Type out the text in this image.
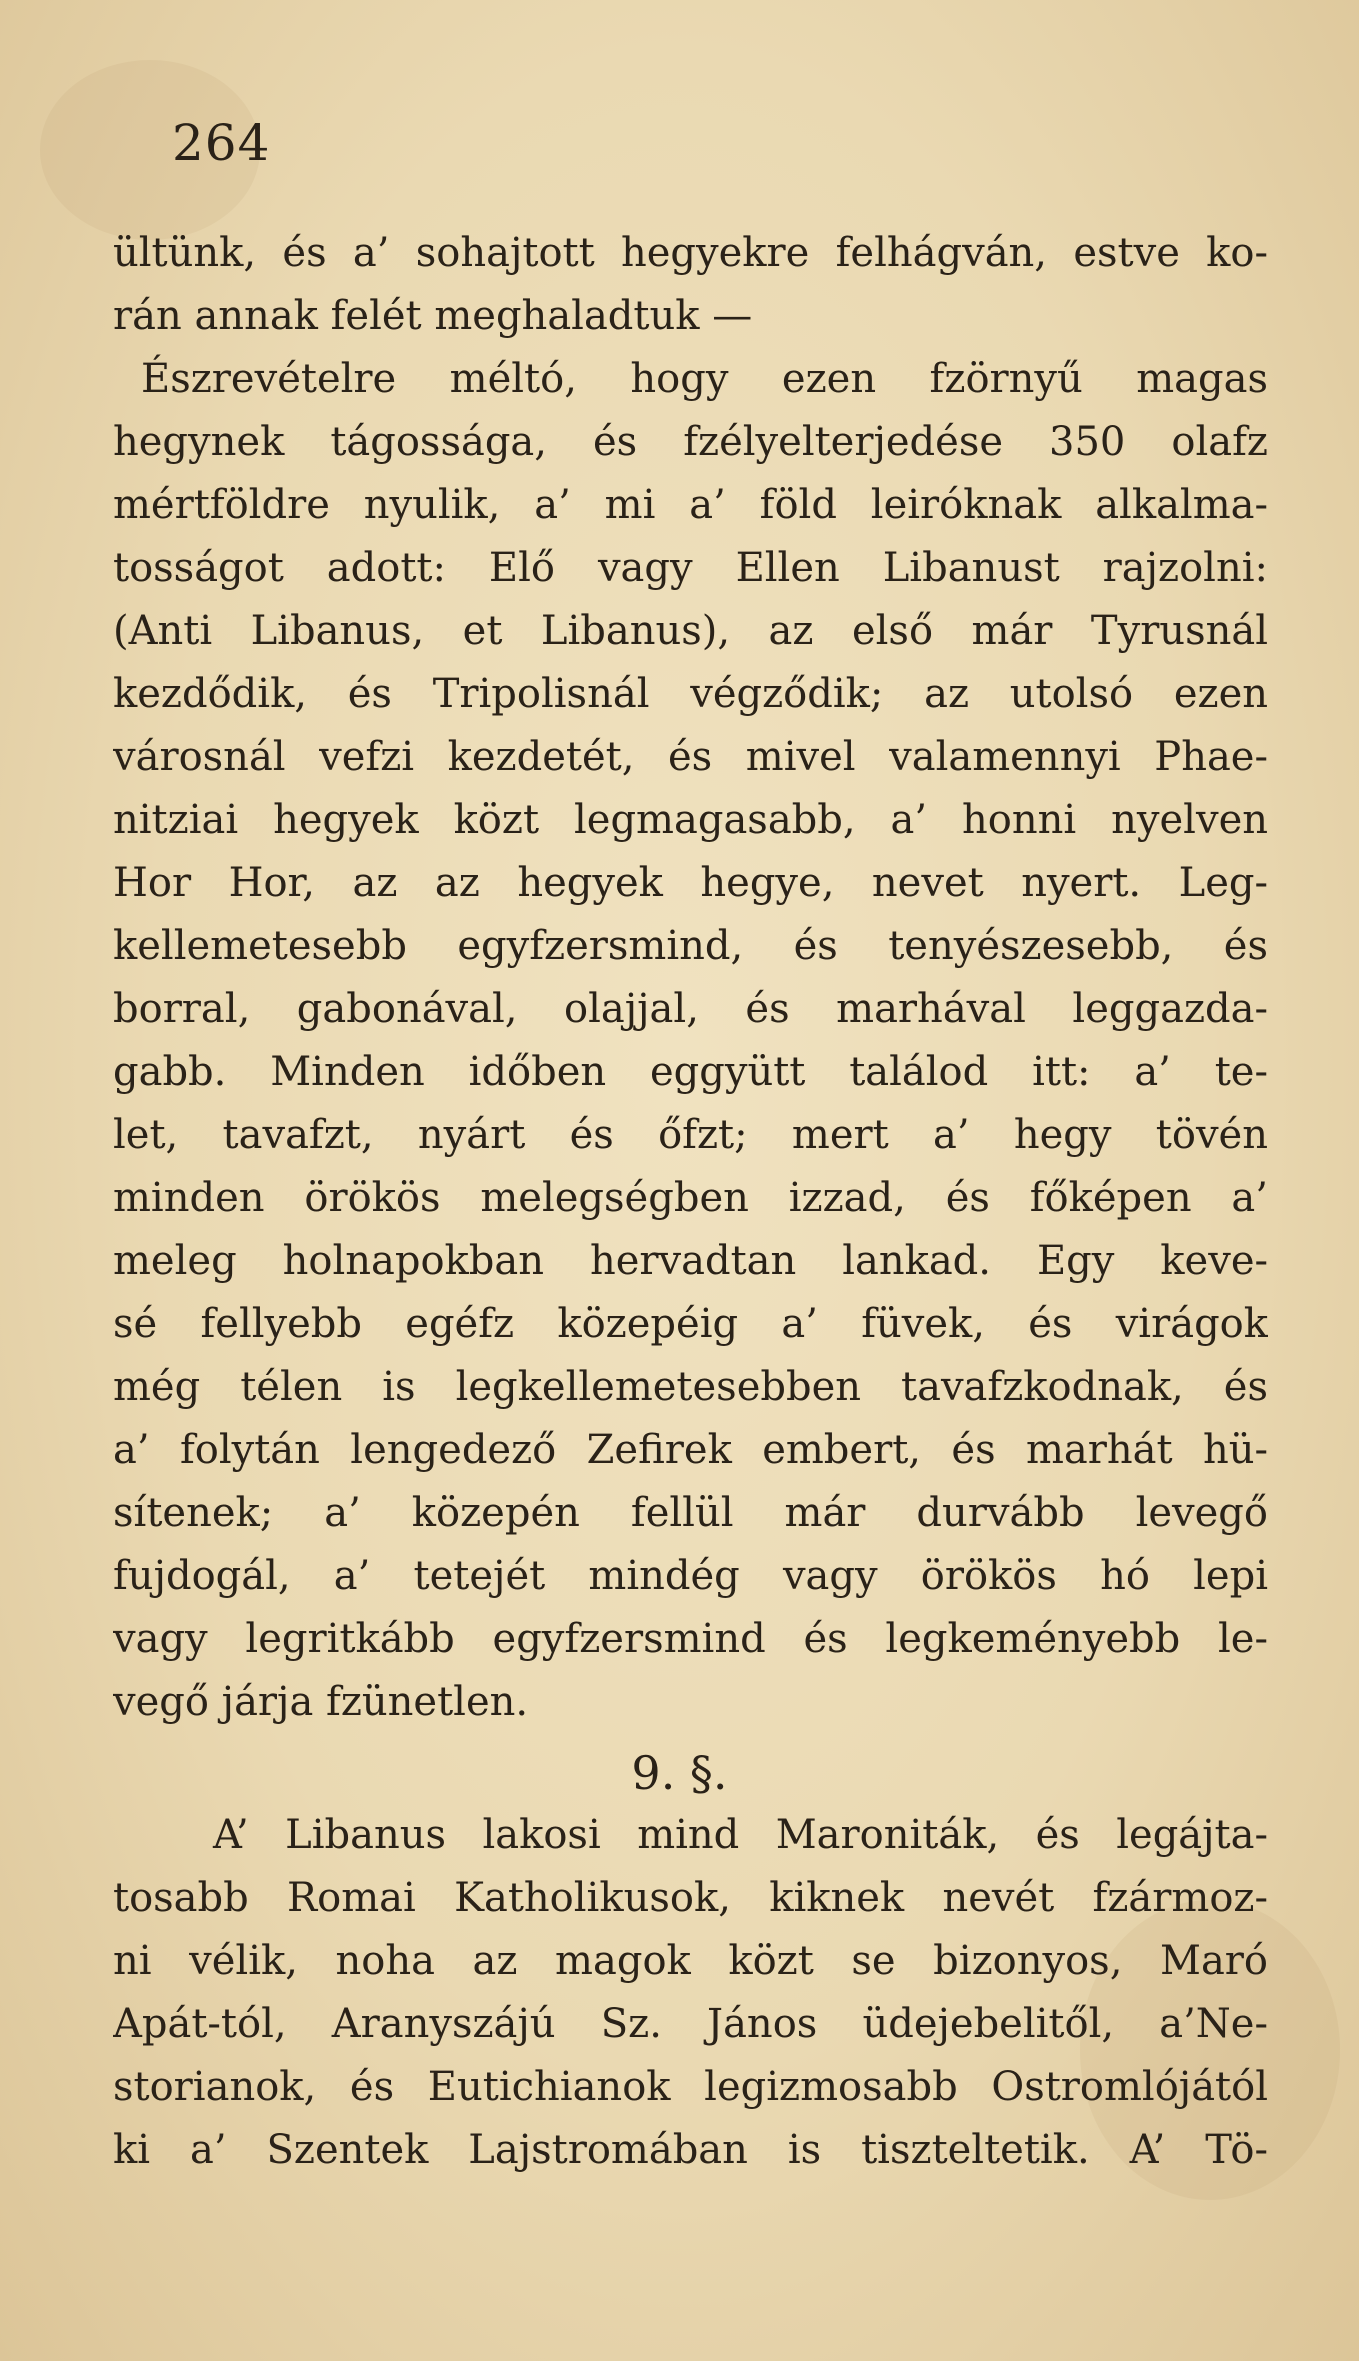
264
ültünk, és a’ sohajtott hegyekre felhágván, estve ko-
rán annak felét meghaladtuk —
Észrevételre méltó, hogy ezen fzörnyű magas
hegynek tágossága, és fzélyelterjedése 350 olafz
mértföldre nyulik, a’ mi a’ föld leiróknak alkalma-
tosságot adott: Elő vagy Ellen Libanust rajzolni:
(Anti Libanus, et Libanus), az első már Tyrusnál
kezdődik, és Tripolisnál végződik; az utolsó ezen
városnál vefzi kezdetét, és mivel valamennyi Phae-
nitziai hegyek közt legmagasabb, a’ honni nyelven
Hor Hor, az az hegyek hegye, nevet nyert. Leg-
kellemetesebb egyfzersmind, és tenyészesebb, és
borral, gabonával, olajjal, és marhával leggazda-
gabb. Minden időben eggyütt találod itt: a’ te-
let, tavafzt, nyárt és őfzt; mert a’ hegy tövén
minden örökös melegségben izzad, és főképen a’
meleg holnapokban hervadtan lankad. Egy keve-
sé fellyebb egéfz közepéig a’ füvek, és virágok
még télen is legkellemetesebben tavafzkodnak, és
a’ folytán lengedező Zefirek embert, és marhát hü-
sítenek; a’ közepén fellül már durvább levegő
fujdogál, a’ tetejét mindég vagy örökös hó lepi
vagy legritkább egyfzersmind és legkeményebb le-
vegő járja fzünetlen.
9. §.
A’ Libanus lakosi mind Maroniták, és legájta-
tosabb Romai Katholikusok, kiknek nevét fzármoz-
ni vélik, noha az magok közt se bizonyos, Maró
Apát-tól, Aranyszájú Sz. János üdejebelitől, a’Ne-
storianok, és Eutichianok legizmosabb Ostromlójától
ki a’ Szentek Lajstromában is tiszteltetik. A’ Tö-
